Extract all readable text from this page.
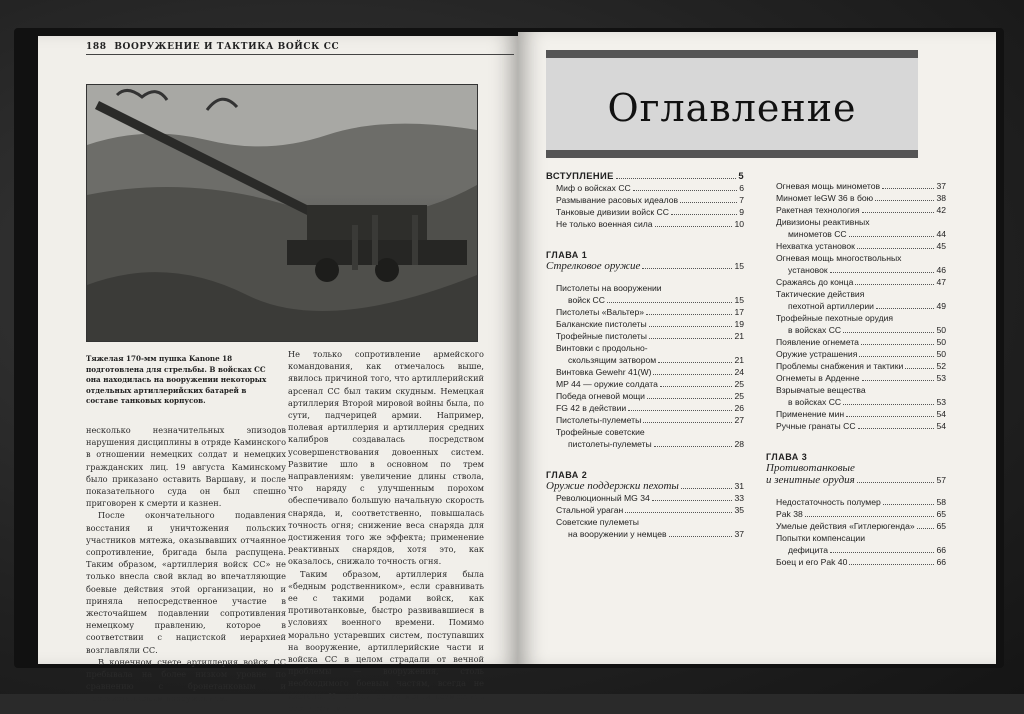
188 ВООРУЖЕНИЕ И ТАКТИКА ВОЙСК СС
Тяжелая 170-мм пушка Kanone 18 подготовлена для стрельбы. В войсках СС она находилась на вооружении некоторых отдельных артиллерийских батарей в составе танковых корпусов.

несколько незначительных эпизодов нарушения дисциплины в отряде Каминского в отношении немецких солдат и немецких гражданских лиц. 19 августа Каминскому было приказано оставить Варшаву, и после показательного суда он был спешно приговорен к смерти и казнен.

После окончательного подавления восстания и уничтожения польских участников мятежа, оказывавших отчаянное сопротивление, бригада была распущена. Таким образом, «артиллерия войск СС» не только внесла свой вклад во впечатляющие боевые действия этой организации, но и приняла непосредственное участие в жесточайшем подавлении сопротивления немецкому правлению, которое в соответствии с нацистской иерархией возглавляли СС.

В конечном счете артиллерия войск СС пребывала на более низком уровне по сравнению с бронетанковым и противотанковым вооружением.

Не только сопротивление армейского командования, как отмечалось выше, явилось причиной того, что артиллерийский арсенал СС был таким скудным. Немецкая артиллерия Второй мировой войны была, по сути, падчерицей армии. Например, полевая артиллерия и артиллерия средних калибров создавалась посредством усовершенствования довоенных систем. Развитие шло в основном по трем направлениям: увеличение длины ствола, что наряду с улучшенным порохом обеспечивало большую начальную скорость снаряда, и, соответственно, повышалась точность огня; снижение веса снаряда для достижения того же эффекта; применение реактивных снарядов, хотя это, как оказалось, снижало точность огня.

Таким образом, артиллерия была «бедным родственником», если сравнивать ее с такими родами войск, как противотанковые, быстро развивавшиеся в условиях военного времени. Помимо морально устаревших систем, поступавших на вооружение, артиллерийские части и войска СС в целом страдали от вечной проблемы — вооружения, столь необходимого боевым частям, всегда не хватало. И трофеи редко могли возместить этот дефицит.

Оглавление
ВСТУПЛЕНИЕ	5
Миф о войсках СС	6
Размывание расовых идеалов	7
Танковые дивизии войск СС	9
Не только военная сила	10
ГЛАВА 1
Стрелковое оружие	15
Пистолеты на вооружении
войск СС	15
Пистолеты «Вальтер»	17
Балканские пистолеты	19
Трофейные пистолеты	21
Винтовки с продольно-
скользящим затвором	21
Винтовка Gewehr 41(W)	24
MP 44 — оружие солдата	25
Победа огневой мощи	25
FG 42 в действии	26
Пистолеты-пулеметы	27
Трофейные советские
пистолеты-пулеметы	28
ГЛАВА 2
Оружие поддержки пехоты	31
Революционный MG 34	33
Стальной ураган	35
Советские пулеметы
на вооружении у немцев	37
Огневая мощь минометов	37
Миномет leGW 36 в бою	38
Ракетная технология	42
Дивизионы реактивных
минометов СС	44
Нехватка установок	45
Огневая мощь многоствольных
установок	46
Сражаясь до конца	47
Тактические действия
пехотной артиллерии	49
Трофейные пехотные орудия
в войсках СС	50
Появление огнемета	50
Оружие устрашения	50
Проблемы снабжения и тактики	52
Огнеметы в Арденне	53
Взрывчатые вещества
в войсках СС	53
Применение мин	54
Ручные гранаты СС	54
ГЛАВА 3
Противотанковые
и зенитные орудия	57
Недостаточность полумер	58
Pak 38	65
Умелые действия «Гитлерюгенда»	65
Попытки компенсации
дефицита	66
Боец и его Pak 40	66
